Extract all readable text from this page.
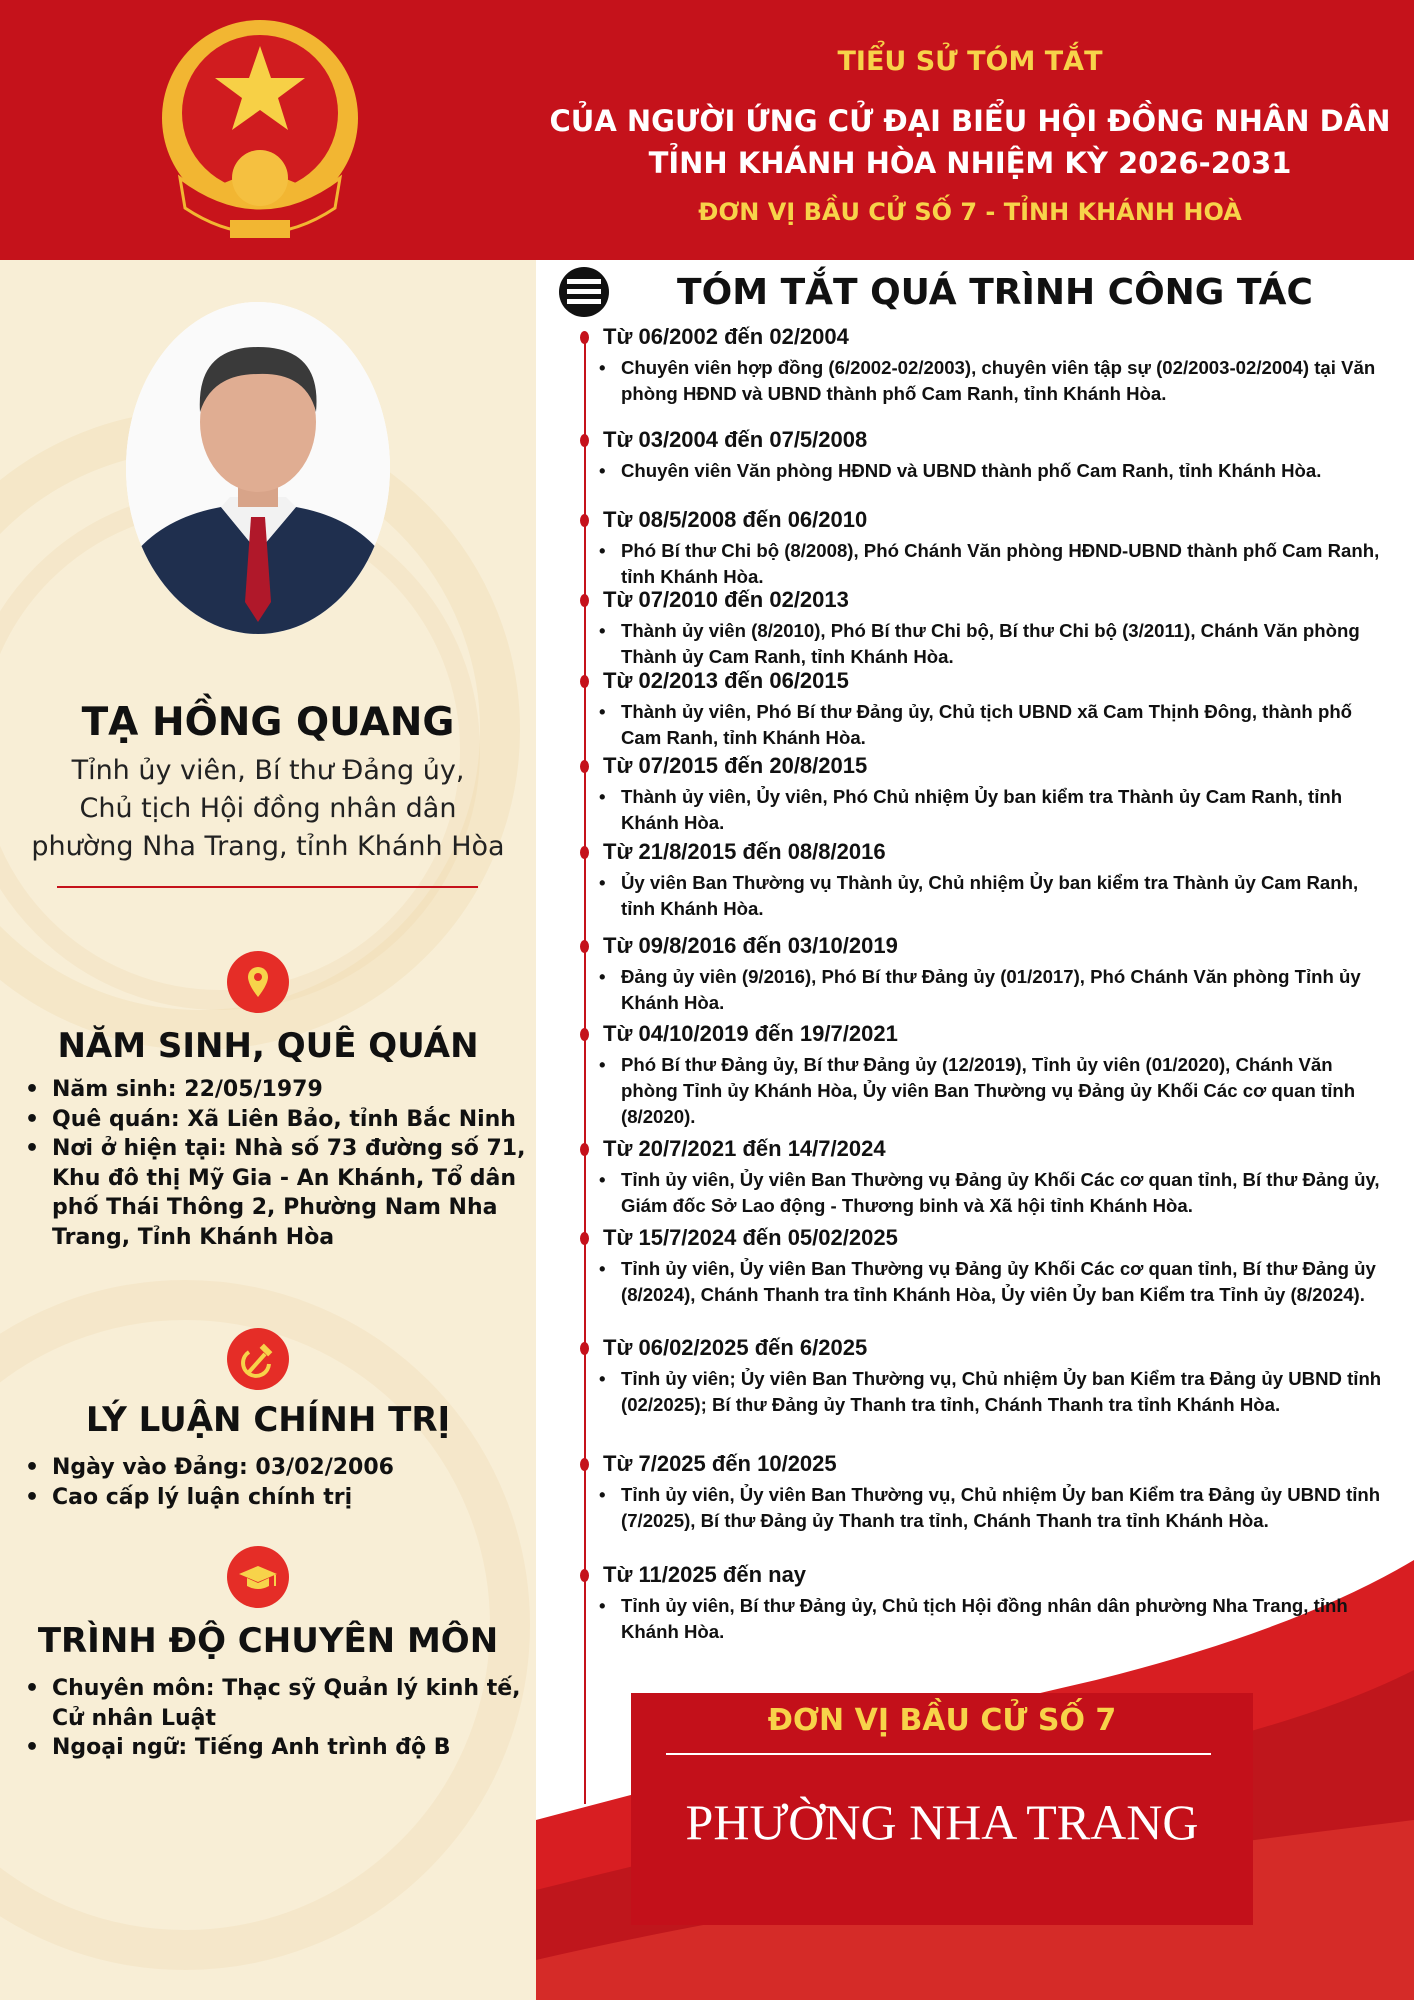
TIỂU SỬ TÓM TẮT
CỦA NGƯỜI ỨNG CỬ ĐẠI BIỂU HỘI ĐỒNG NHÂN DÂN
TỈNH KHÁNH HÒA NHIỆM KỲ 2026-2031
ĐƠN VỊ BẦU CỬ SỐ 7 - TỈNH KHÁNH HOÀ
TẠ HỒNG QUANG
Tỉnh ủy viên, Bí thư Đảng ủy,
Chủ tịch Hội đồng nhân dân
phường Nha Trang, tỉnh Khánh Hòa
NĂM SINH, QUÊ QUÁN
• Năm sinh: 22/05/1979
• Quê quán: Xã Liên Bảo, tỉnh Bắc Ninh
• Nơi ở hiện tại: Nhà số 73 đường số 71, Khu đô thị Mỹ Gia - An Khánh, Tổ dân phố Thái Thông 2, Phường Nam Nha Trang, Tỉnh Khánh Hòa
LÝ LUẬN CHÍNH TRỊ
• Ngày vào Đảng: 03/02/2006
• Cao cấp lý luận chính trị
TRÌNH ĐỘ CHUYÊN MÔN
• Chuyên môn: Thạc sỹ Quản lý kinh tế, Cử nhân Luật
• Ngoại ngữ: Tiếng Anh trình độ B
TÓM TẮT QUÁ TRÌNH CÔNG TÁC
Từ 06/2002 đến 02/2004
• Chuyên viên hợp đồng (6/2002-02/2003), chuyên viên tập sự (02/2003-02/2004) tại Văn phòng HĐND và UBND thành phố Cam Ranh, tỉnh Khánh Hòa.
Từ 03/2004 đến 07/5/2008
• Chuyên viên Văn phòng HĐND và UBND thành phố Cam Ranh, tỉnh Khánh Hòa.
Từ 08/5/2008 đến 06/2010
• Phó Bí thư Chi bộ (8/2008), Phó Chánh Văn phòng HĐND-UBND thành phố Cam Ranh, tỉnh Khánh Hòa.
Từ 07/2010 đến 02/2013
• Thành ủy viên (8/2010), Phó Bí thư Chi bộ, Bí thư Chi bộ (3/2011), Chánh Văn phòng Thành ủy Cam Ranh, tỉnh Khánh Hòa.
Từ 02/2013 đến 06/2015
• Thành ủy viên, Phó Bí thư Đảng ủy, Chủ tịch UBND xã Cam Thịnh Đông, thành phố Cam Ranh, tỉnh Khánh Hòa.
Từ 07/2015 đến 20/8/2015
• Thành ủy viên, Ủy viên, Phó Chủ nhiệm Ủy ban kiểm tra Thành ủy Cam Ranh, tỉnh Khánh Hòa.
Từ 21/8/2015 đến 08/8/2016
• Ủy viên Ban Thường vụ Thành ủy, Chủ nhiệm Ủy ban kiểm tra Thành ủy Cam Ranh, tỉnh Khánh Hòa.
Từ 09/8/2016 đến 03/10/2019
• Đảng ủy viên (9/2016), Phó Bí thư Đảng ủy (01/2017), Phó Chánh Văn phòng Tỉnh ủy Khánh Hòa.
Từ 04/10/2019 đến 19/7/2021
• Phó Bí thư Đảng ủy, Bí thư Đảng ủy (12/2019), Tỉnh ủy viên (01/2020), Chánh Văn phòng Tỉnh ủy Khánh Hòa, Ủy viên Ban Thường vụ Đảng ủy Khối Các cơ quan tỉnh (8/2020).
Từ 20/7/2021 đến 14/7/2024
• Tỉnh ủy viên, Ủy viên Ban Thường vụ Đảng ủy Khối Các cơ quan tỉnh, Bí thư Đảng ủy, Giám đốc Sở Lao động - Thương binh và Xã hội tỉnh Khánh Hòa.
Từ 15/7/2024 đến 05/02/2025
• Tỉnh ủy viên, Ủy viên Ban Thường vụ Đảng ủy Khối Các cơ quan tỉnh, Bí thư Đảng ủy (8/2024), Chánh Thanh tra tỉnh Khánh Hòa, Ủy viên Ủy ban Kiểm tra Tỉnh ủy (8/2024).
Từ 06/02/2025 đến 6/2025
• Tỉnh ủy viên; Ủy viên Ban Thường vụ, Chủ nhiệm Ủy ban Kiểm tra Đảng ủy UBND tỉnh (02/2025); Bí thư Đảng ủy Thanh tra tỉnh, Chánh Thanh tra tỉnh Khánh Hòa.
Từ 7/2025 đến 10/2025
• Tỉnh ủy viên, Ủy viên Ban Thường vụ, Chủ nhiệm Ủy ban Kiểm tra Đảng ủy UBND tỉnh (7/2025), Bí thư Đảng ủy Thanh tra tỉnh, Chánh Thanh tra tỉnh Khánh Hòa.
Từ 11/2025 đến nay
• Tỉnh ủy viên, Bí thư Đảng ủy, Chủ tịch Hội đồng nhân dân phường Nha Trang, tỉnh Khánh Hòa.
ĐƠN VỊ BẦU CỬ SỐ 7
PHƯỜNG NHA TRANG
